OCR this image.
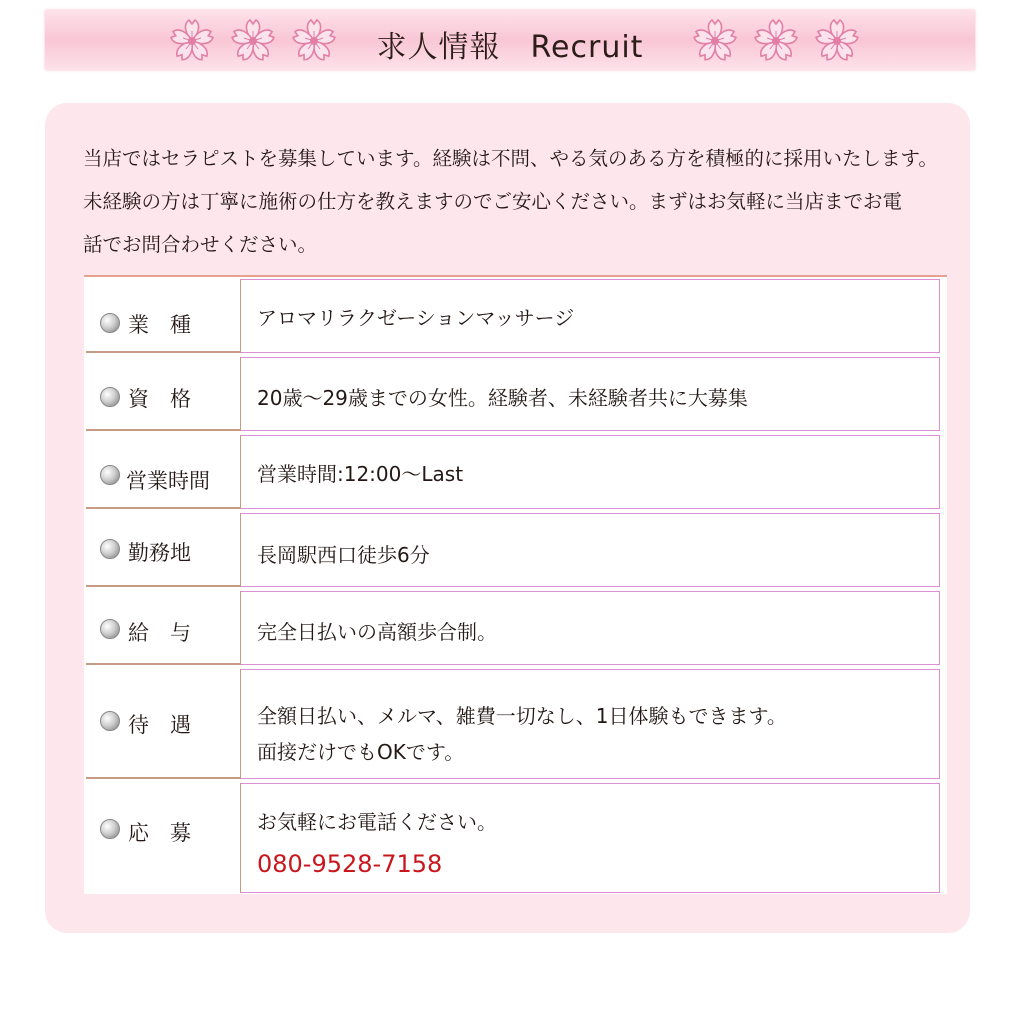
求人情報 Recruit

当店ではセラピストを募集しています。経験は不問、やる気のある方を積極的に採用いたします。
未経験の方は丁寧に施術の仕方を教えますのでご安心ください。まずはお気軽に当店までお電
話でお問合わせください。
業　種	アロマリラクゼーションマッサージ
資　格	20歳〜29歳までの女性。経験者、未経験者共に大募集
営業時間 営業時間:12:00〜Last
勤務地	長岡駅西口徒歩6分
給　与	完全日払いの高額歩合制。
待　遇	全額日払い、メルマ、雑費一切なし、1日体験もできます。
面接だけでもOKです。
応　募	お気軽にお電話ください。
080-9528-7158
